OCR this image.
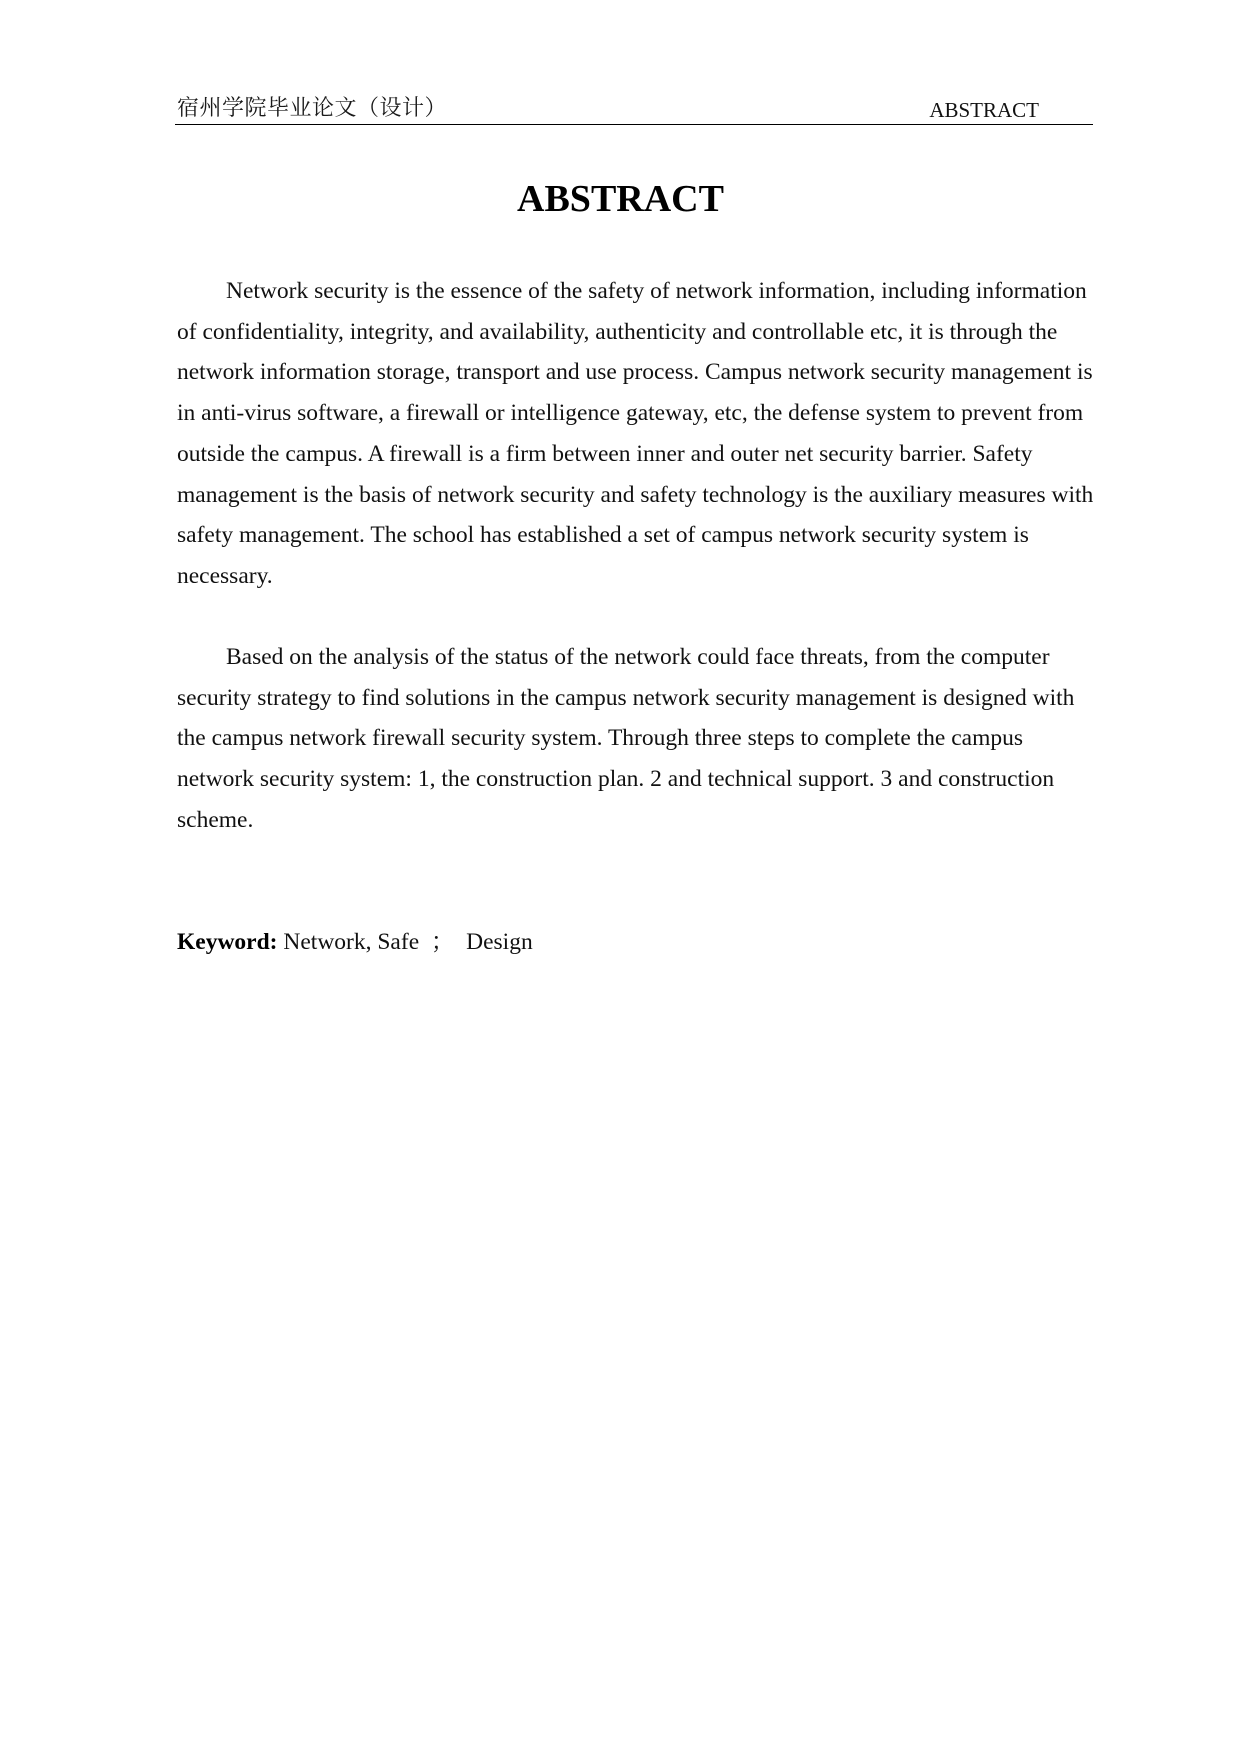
宿州学院毕业论文（设计）	ABSTRACT
ABSTRACT

Network security is the essence of the safety of network information, including information of confidentiality, integrity, and availability, authenticity and controllable etc, it is through the network information storage, transport and use process. Campus network security management is in anti-virus software, a firewall or intelligence gateway, etc, the defense system to prevent from outside the campus. A firewall is a firm between inner and outer net security barrier. Safety management is the basis of network security and safety technology is the auxiliary measures with safety management. The school has established a set of campus network security system is necessary.

Based on the analysis of the status of the network could face threats, from the computer security strategy to find solutions in the campus network security management is designed with the campus network firewall security system. Through three steps to complete the campus network security system: 1, the construction plan. 2 and technical support. 3 and construction scheme.

Keyword: Network, Safe  ；  Design
